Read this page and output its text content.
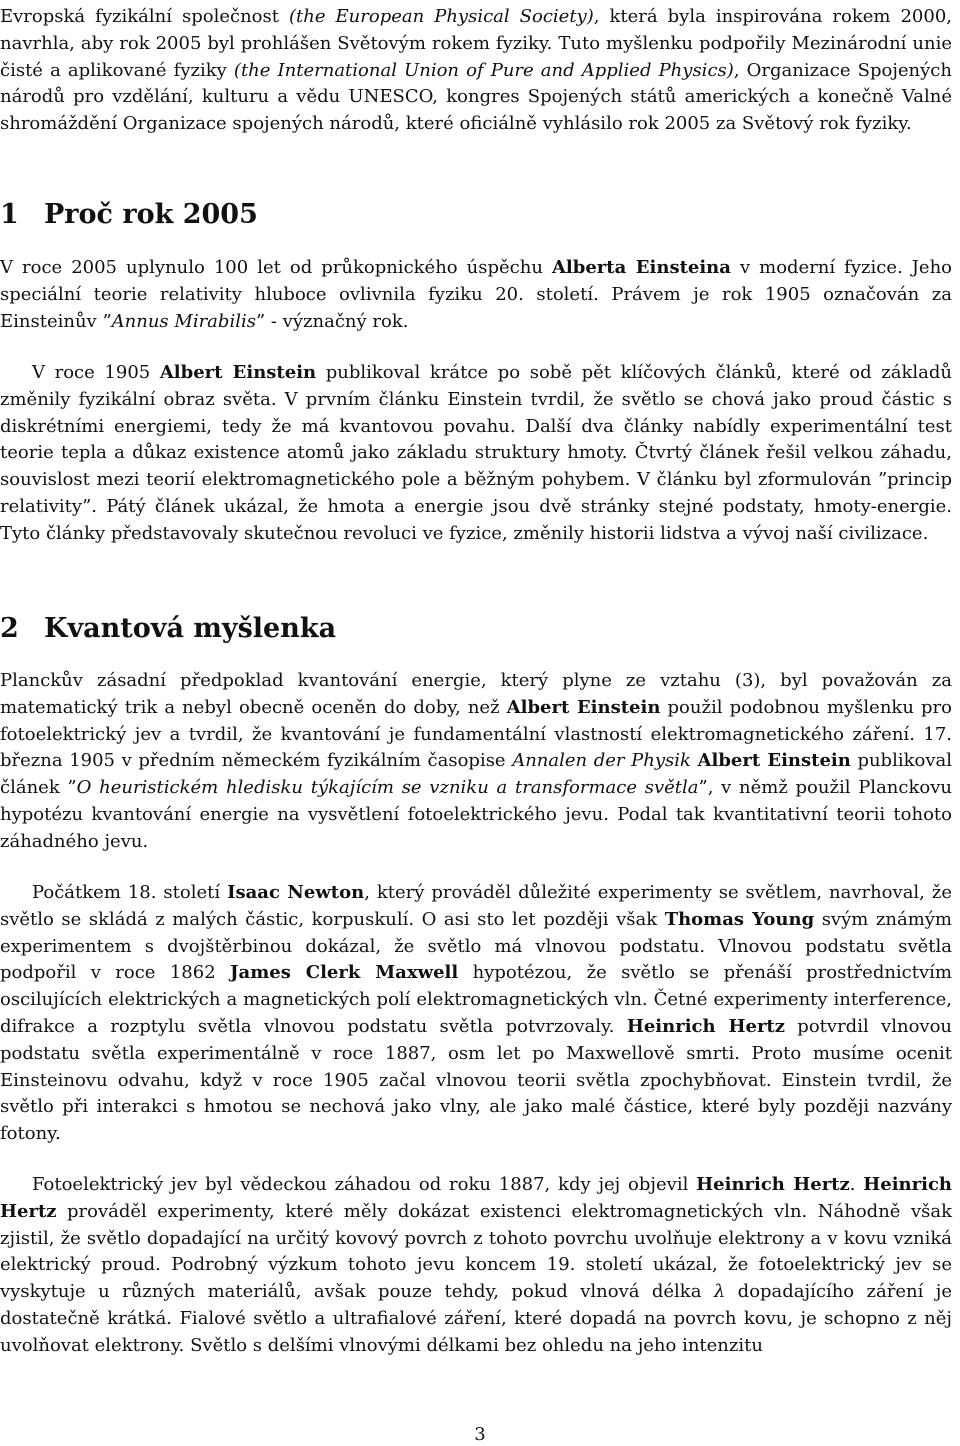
Evropská fyzikální společnost (the European Physical Society), která byla inspirována rokem 2000, navrhla, aby rok 2005 byl prohlášen Světovým rokem fyziky. Tuto myšlenku podpořily Mezinárodní unie čisté a aplikované fyziky (the International Union of Pure and Applied Physics), Organizace Spojených národů pro vzdělání, kulturu a vědu UNESCO, kongres Spojených států amerických a konečně Valné shromáždění Organizace spojených národů, které oficiálně vyhlásilo rok 2005 za Světový rok fyziky.

1 Proč rok 2005

V roce 2005 uplynulo 100 let od průkopnického úspěchu Alberta Einsteina v moderní fyzice. Jeho speciální teorie relativity hluboce ovlivnila fyziku 20. století. Právem je rok 1905 označován za Einsteinův ”Annus Mirabilis” - význačný rok.

V roce 1905 Albert Einstein publikoval krátce po sobě pět klíčových článků, které od základů změnily fyzikální obraz světa. V prvním článku Einstein tvrdil, že světlo se chová jako proud částic s diskrétními energiemi, tedy že má kvantovou povahu. Další dva články nabídly experimentální test teorie tepla a důkaz existence atomů jako základu struktury hmoty. Čtvrtý článek řešil velkou záhadu, souvislost mezi teorií elektromagnetického pole a běžným pohybem. V článku byl zformulován ”princip relativity”. Pátý článek ukázal, že hmota a energie jsou dvě stránky stejné podstaty, hmoty-energie. Tyto články představovaly skutečnou revoluci ve fyzice, změnily historii lidstva a vývoj naší civilizace.

2 Kvantová myšlenka

Planckův zásadní předpoklad kvantování energie, který plyne ze vztahu (3), byl považován za matematický trik a nebyl obecně oceněn do doby, než Albert Einstein použil podobnou myšlenku pro fotoelektrický jev a tvrdil, že kvantování je fundamentální vlastností elektromagnetického záření. 17. března 1905 v předním německém fyzikálním časopise Annalen der Physik Albert Einstein publikoval článek ”O heuristickém hledisku týkajícím se vzniku a transformace světla”, v němž použil Planckovu hypotézu kvantování energie na vysvětlení fotoelektrického jevu. Podal tak kvantitativní teorii tohoto záhadného jevu.

Počátkem 18. století Isaac Newton, který prováděl důležité experimenty se světlem, navrhoval, že světlo se skládá z malých částic, korpuskulí. O asi sto let později však Thomas Young svým známým experimentem s dvojštěrbinou dokázal, že světlo má vlnovou podstatu. Vlnovou podstatu světla podpořil v roce 1862 James Clerk Maxwell hypotézou, že světlo se přenáší prostřednictvím oscilujících elektrických a magnetických polí elektromagnetických vln. Četné experimenty interference, difrakce a rozptylu světla vlnovou podstatu světla potvrzovaly. Heinrich Hertz potvrdil vlnovou podstatu světla experimentálně v roce 1887, osm let po Maxwellově smrti. Proto musíme ocenit Einsteinovu odvahu, když v roce 1905 začal vlnovou teorii světla zpochybňovat. Einstein tvrdil, že světlo při interakci s hmotou se nechová jako vlny, ale jako malé částice, které byly později nazvány fotony.

Fotoelektrický jev byl vědeckou záhadou od roku 1887, kdy jej objevil Heinrich Hertz. Heinrich Hertz prováděl experimenty, které měly dokázat existenci elektromagnetických vln. Náhodně však zjistil, že světlo dopadající na určitý kovový povrch z tohoto povrchu uvolňuje elektrony a v kovu vzniká elektrický proud. Podrobný výzkum tohoto jevu koncem 19. století ukázal, že fotoelektrický jev se vyskytuje u různých materiálů, avšak pouze tehdy, pokud vlnová délka λ dopadajícího záření je dostatečně krátká. Fialové světlo a ultrafialové záření, které dopadá na povrch kovu, je schopno z něj uvolňovat elektrony. Světlo s delšími vlnovými délkami bez ohledu na jeho intenzitu

3
